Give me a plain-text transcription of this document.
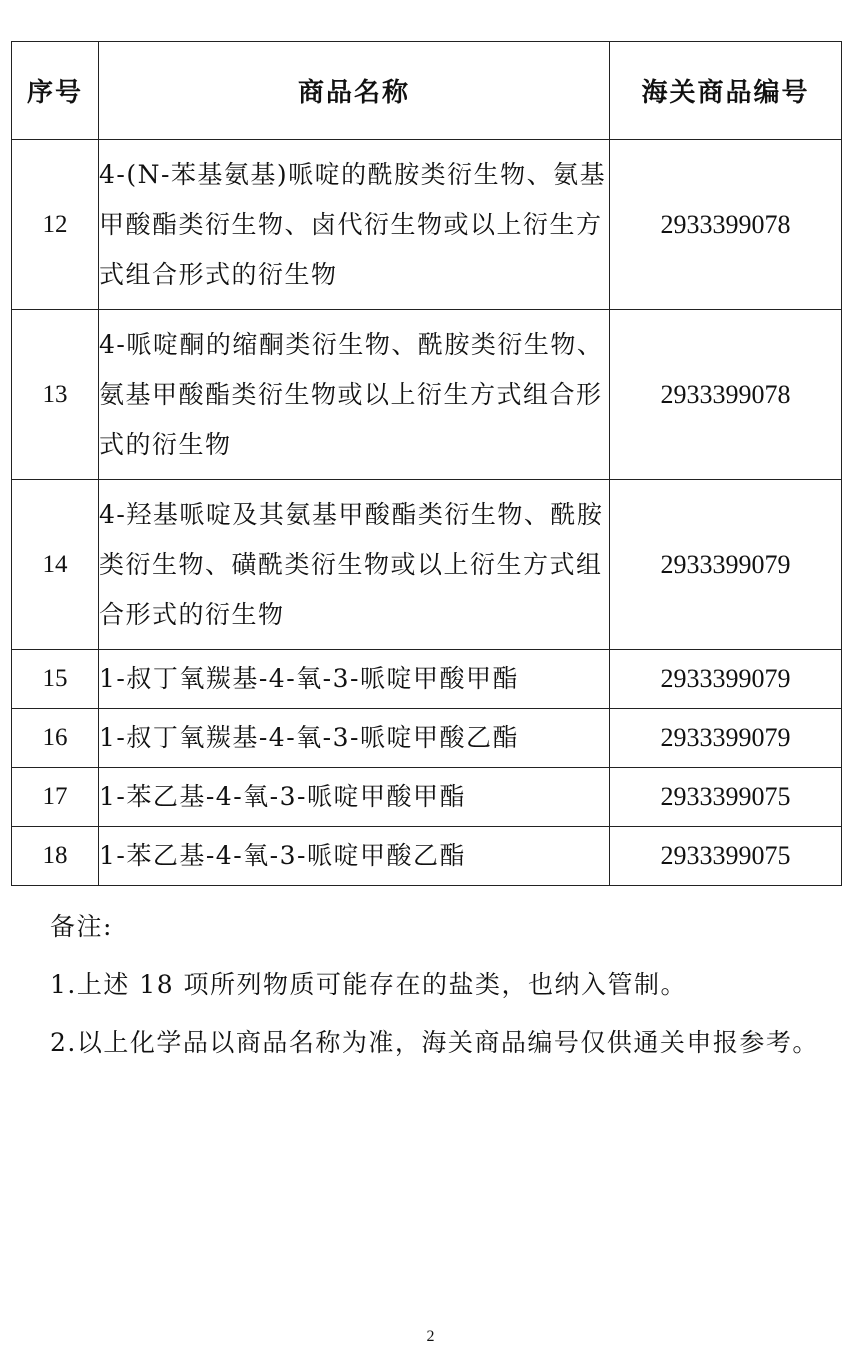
序号	商品名称	海关商品编号
12	4-(N-苯基氨基)哌啶的酰胺类衍生物、氨基甲酸酯类衍生物、卤代衍生物或以上衍生方式组合形式的衍生物	2933399078
13	4-哌啶酮的缩酮类衍生物、酰胺类衍生物、氨基甲酸酯类衍生物或以上衍生方式组合形式的衍生物	2933399078
14	4-羟基哌啶及其氨基甲酸酯类衍生物、酰胺类衍生物、磺酰类衍生物或以上衍生方式组合形式的衍生物	2933399079
15	1-叔丁氧羰基-4-氧-3-哌啶甲酸甲酯	2933399079
16	1-叔丁氧羰基-4-氧-3-哌啶甲酸乙酯	2933399079
17	1-苯乙基-4-氧-3-哌啶甲酸甲酯	2933399075
18	1-苯乙基-4-氧-3-哌啶甲酸乙酯	2933399075

备注:

1.上述 18 项所列物质可能存在的盐类，也纳入管制。

2.以上化学品以商品名称为准，海关商品编号仅供通关申报参考。

2
